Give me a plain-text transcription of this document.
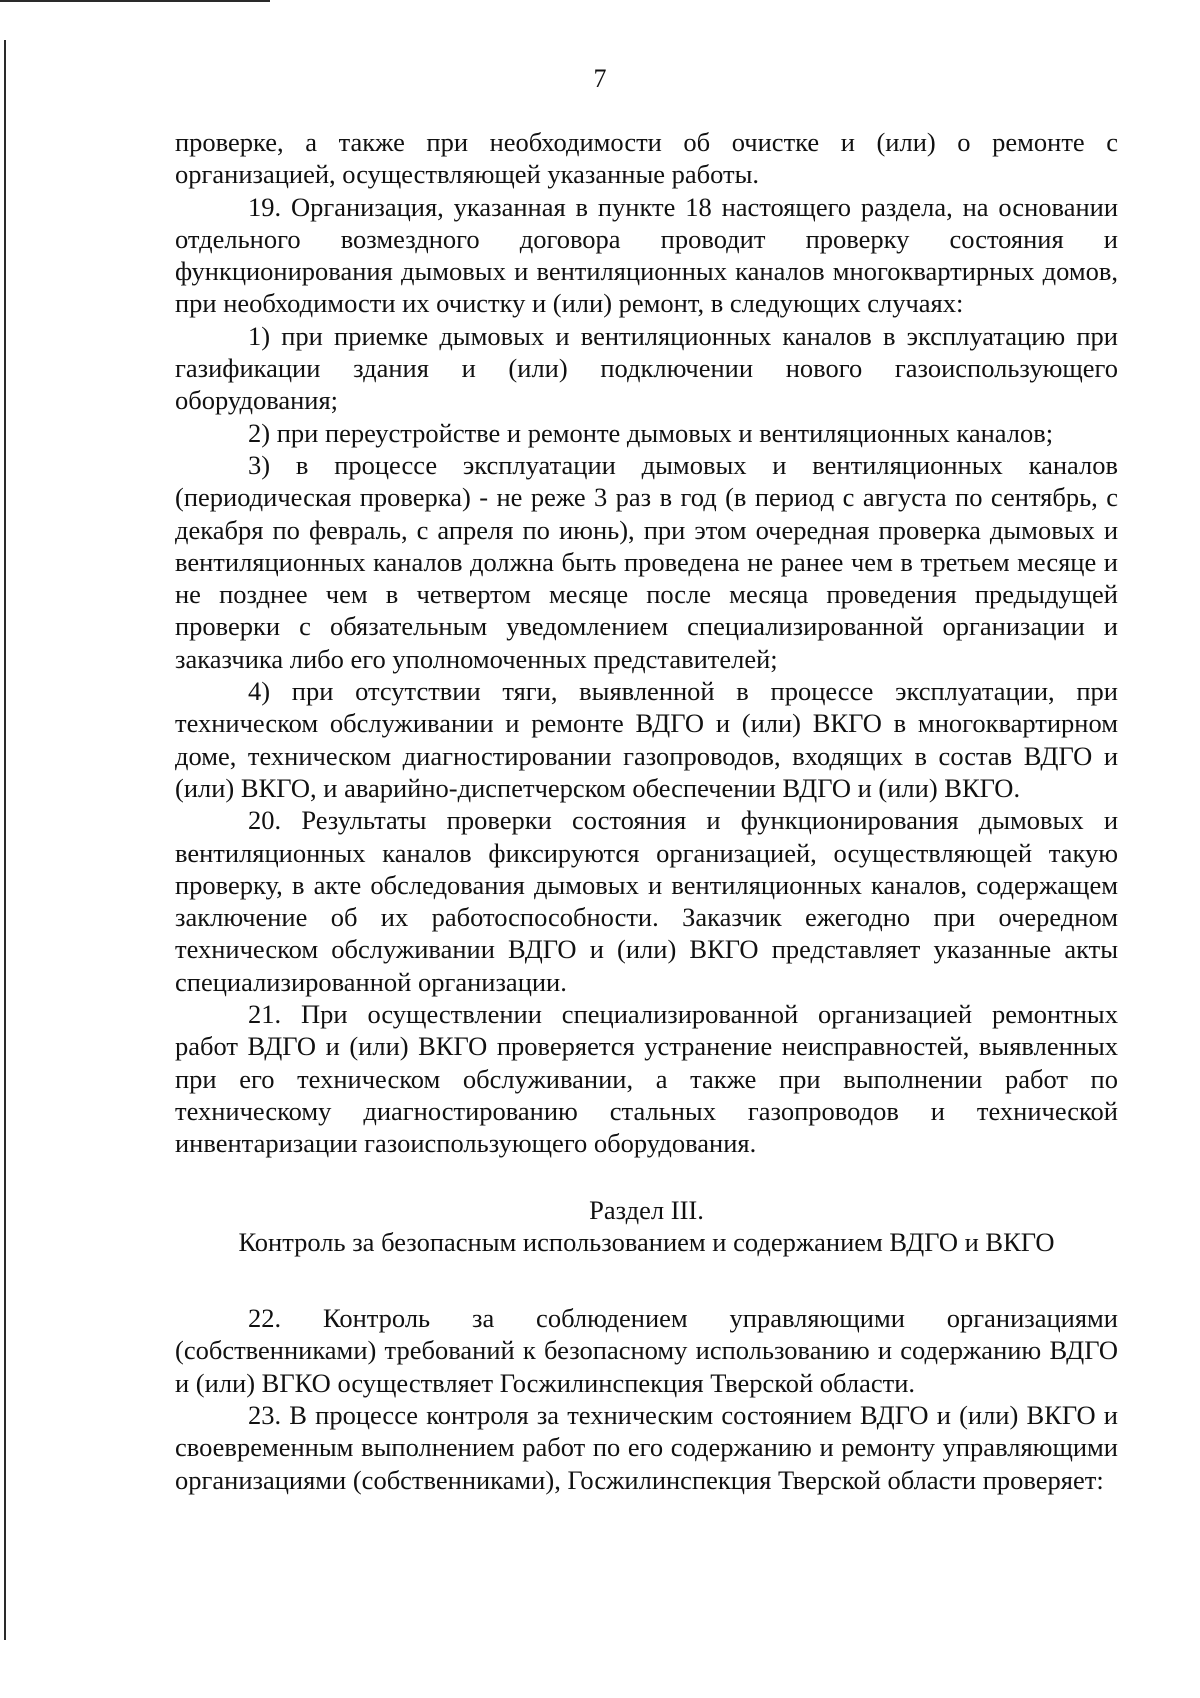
7

проверке, а также при необходимости об очистке и (или) о ремонте с организацией, осуществляющей указанные работы.

19. Организация, указанная в пункте 18 настоящего раздела, на основании отдельного возмездного договора проводит проверку состояния и функционирования дымовых и вентиляционных каналов многоквартирных домов, при необходимости их очистку и (или) ремонт, в следующих случаях:

1) при приемке дымовых и вентиляционных каналов в эксплуатацию при газификации здания и (или) подключении нового газоиспользующего оборудования;

2) при переустройстве и ремонте дымовых и вентиляционных каналов;

3) в процессе эксплуатации дымовых и вентиляционных каналов (периодическая проверка) - не реже 3 раз в год (в период с августа по сентябрь, с декабря по февраль, с апреля по июнь), при этом очередная проверка дымовых и вентиляционных каналов должна быть проведена не ранее чем в третьем месяце и не позднее чем в четвертом месяце после месяца проведения предыдущей проверки с обязательным уведомлением специализированной организации и заказчика либо его уполномоченных представителей;

4) при отсутствии тяги, выявленной в процессе эксплуатации, при техническом обслуживании и ремонте ВДГО и (или) ВКГО в многоквартирном доме, техническом диагностировании газопроводов, входящих в состав ВДГО и (или) ВКГО, и аварийно-диспетчерском обеспечении ВДГО и (или) ВКГО.

20. Результаты проверки состояния и функционирования дымовых и вентиляционных каналов фиксируются организацией, осуществляющей такую проверку, в акте обследования дымовых и вентиляционных каналов, содержащем заключение об их работоспособности. Заказчик ежегодно при очередном техническом обслуживании ВДГО и (или) ВКГО представляет указанные акты специализированной организации.

21. При осуществлении специализированной организацией ремонтных работ ВДГО и (или) ВКГО проверяется устранение неисправностей, выявленных при его техническом обслуживании, а также при выполнении работ по техническому диагностированию стальных газопроводов и технической инвентаризации газоиспользующего оборудования.

Раздел III.

Контроль за безопасным использованием и содержанием ВДГО и ВКГО

22. Контроль за соблюдением управляющими организациями (собственниками) требований к безопасному использованию и содержанию ВДГО и (или) ВГКО осуществляет Госжилинспекция Тверской области.

23. В процессе контроля за техническим состоянием ВДГО и (или) ВКГО и своевременным выполнением работ по его содержанию и ремонту управляющими организациями (собственниками), Госжилинспекция Тверской области проверяет:
